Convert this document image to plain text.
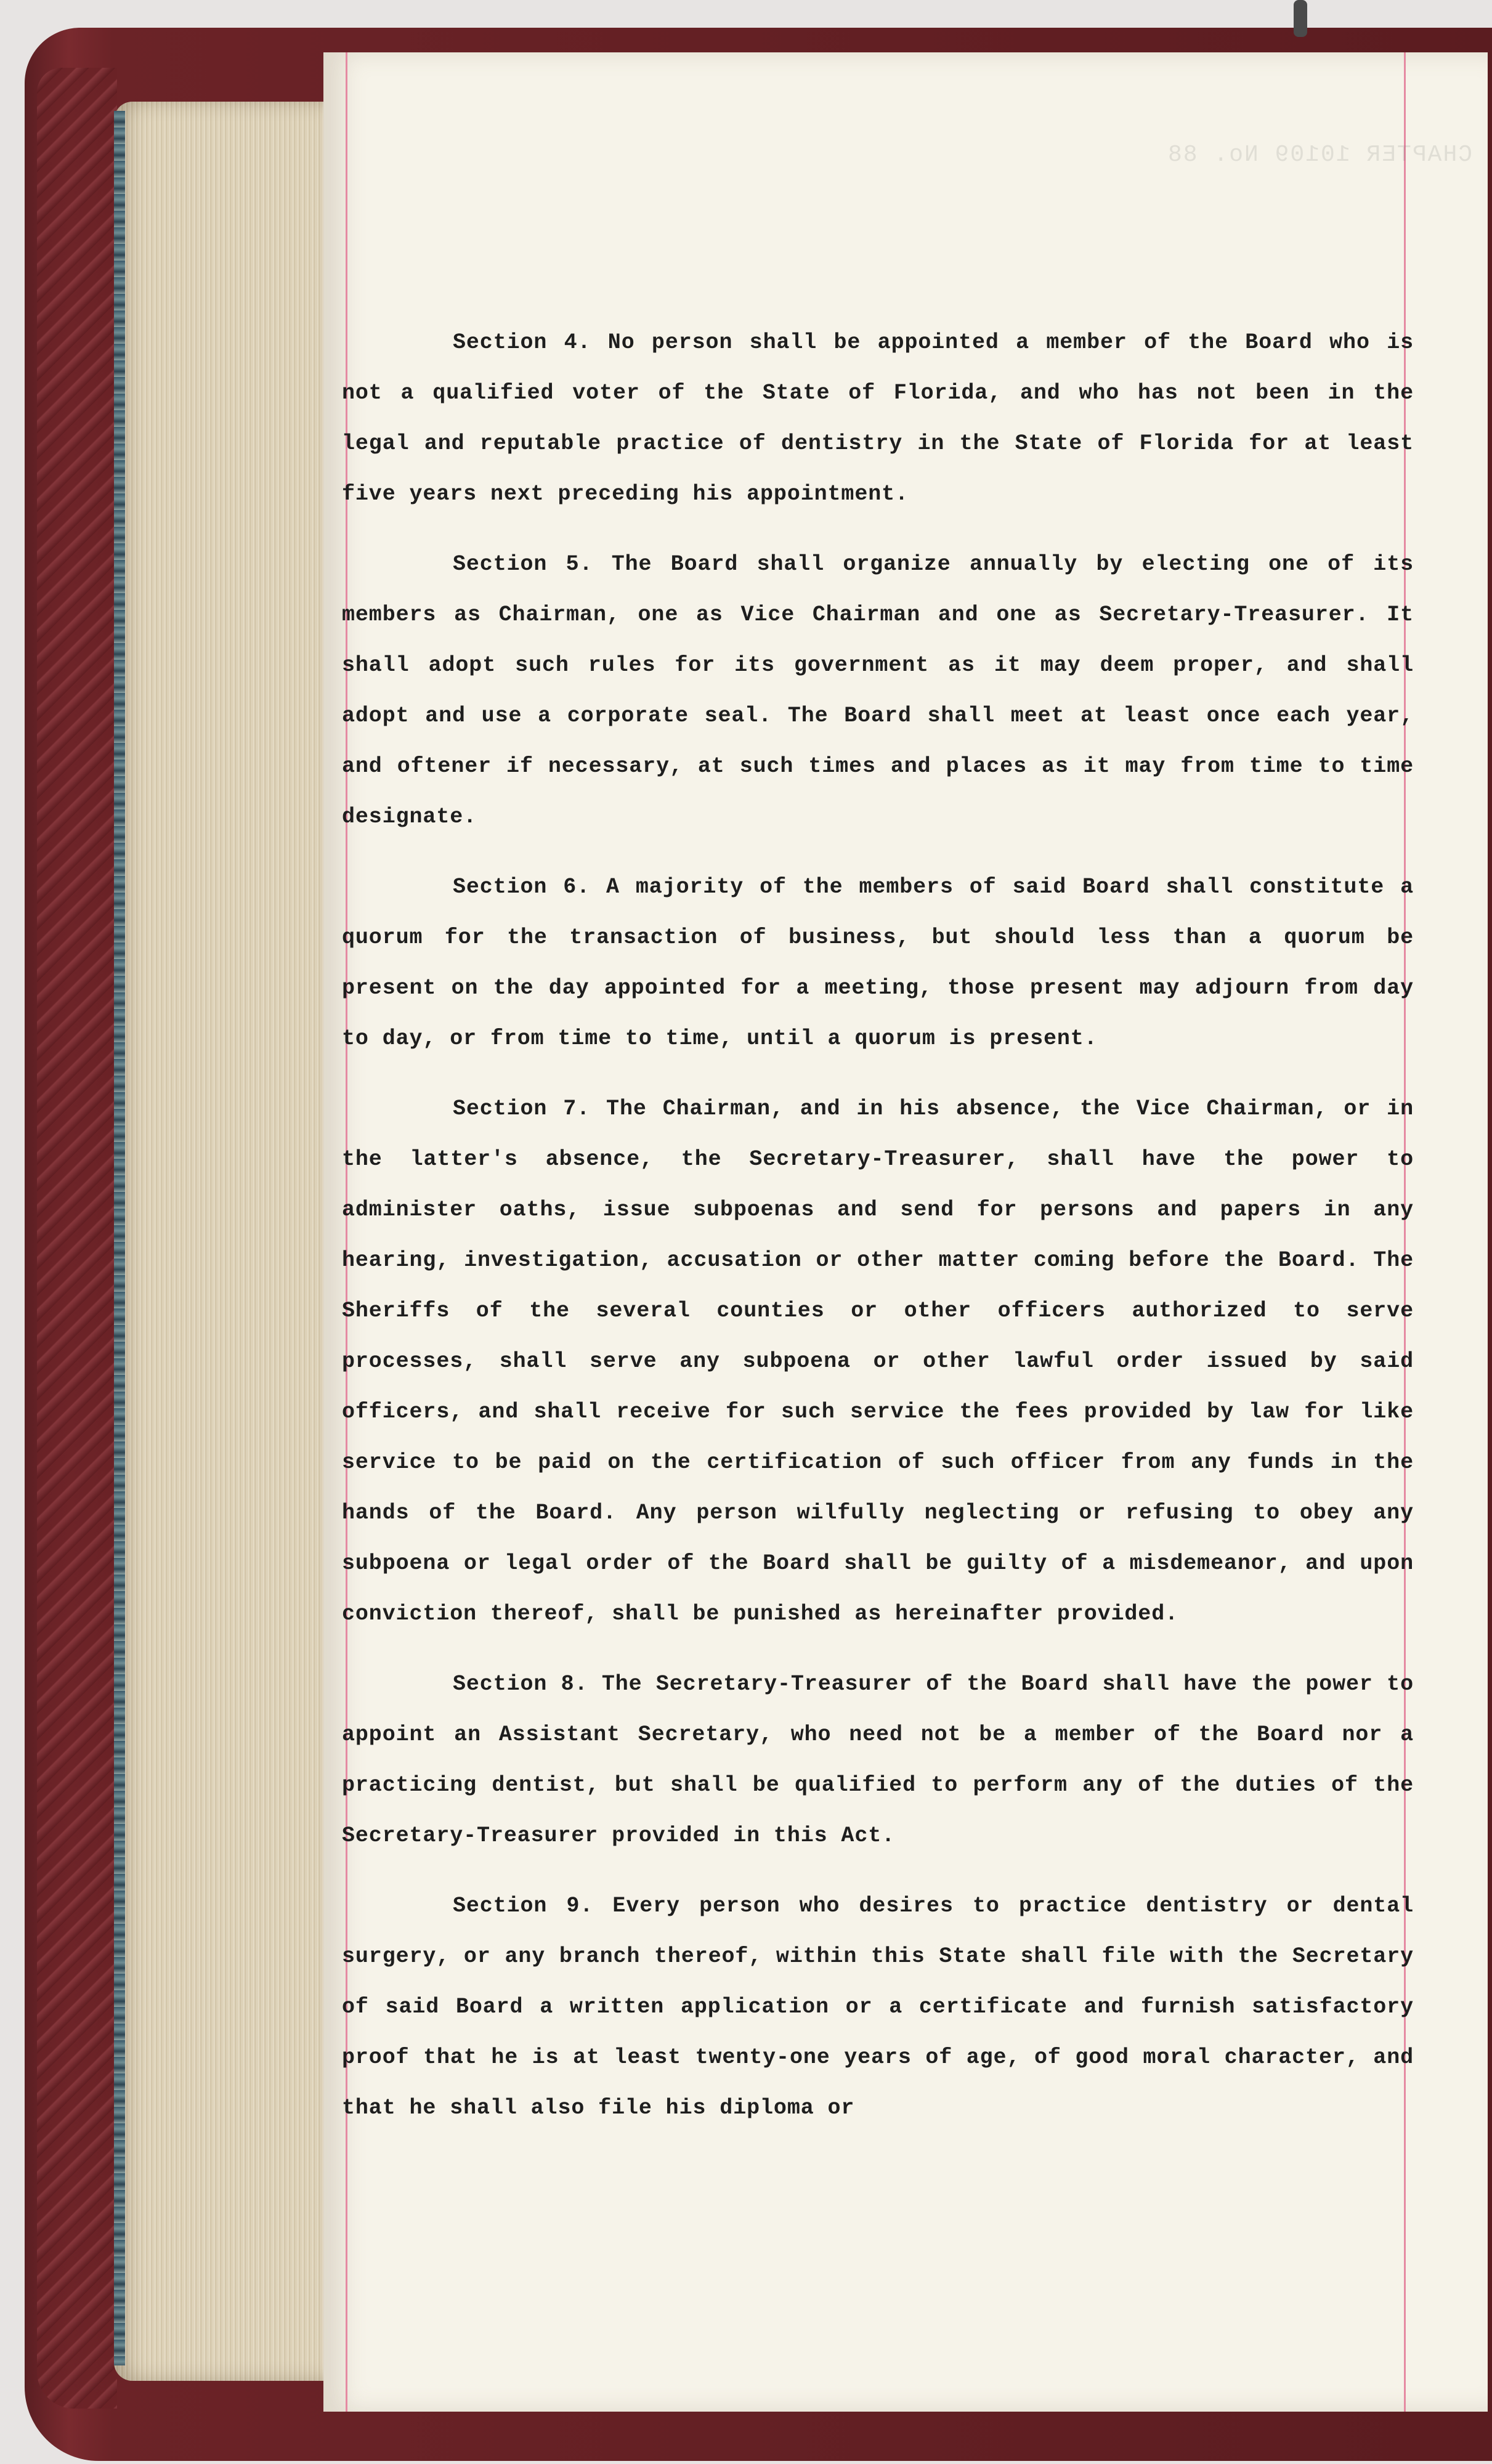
Section 4. No person shall be appointed a member of the Board who is not a qualified voter of the State of Florida, and who has not been in the legal and reputable practice of dentistry in the State of Florida for at least five years next preceding his appointment.

Section 5. The Board shall organize annually by electing one of its members as Chairman, one as Vice Chairman and one as Secretary-Treasurer. It shall adopt such rules for its government as it may deem proper, and shall adopt and use a corporate seal. The Board shall meet at least once each year, and oftener if necessary, at such times and places as it may from time to time designate.

Section 6. A majority of the members of said Board shall constitute a quorum for the transaction of business, but should less than a quorum be present on the day appointed for a meeting, those present may adjourn from day to day, or from time to time, until a quorum is present.

Section 7. The Chairman, and in his absence, the Vice Chairman, or in the latter's absence, the Secretary-Treasurer, shall have the power to administer oaths, issue subpoenas and send for persons and papers in any hearing, investigation, accusation or other matter coming before the Board. The Sheriffs of the several counties or other officers authorized to serve processes, shall serve any subpoena or other lawful order issued by said officers, and shall receive for such service the fees provided by law for like service to be paid on the certification of such officer from any funds in the hands of the Board. Any person wilfully neglecting or refusing to obey any subpoena or legal order of the Board shall be guilty of a misdemeanor, and upon conviction thereof, shall be punished as hereinafter provided.

Section 8. The Secretary-Treasurer of the Board shall have the power to appoint an Assistant Secretary, who need not be a member of the Board nor a practicing dentist, but shall be qualified to perform any of the duties of the Secretary-Treasurer provided in this Act.

Section 9. Every person who desires to practice dentistry or dental surgery, or any branch thereof, within this State shall file with the Secretary of said Board a written application or a certificate and furnish satisfactory proof that he is at least twenty-one years of age, of good moral character, and that he shall also file his diploma or
